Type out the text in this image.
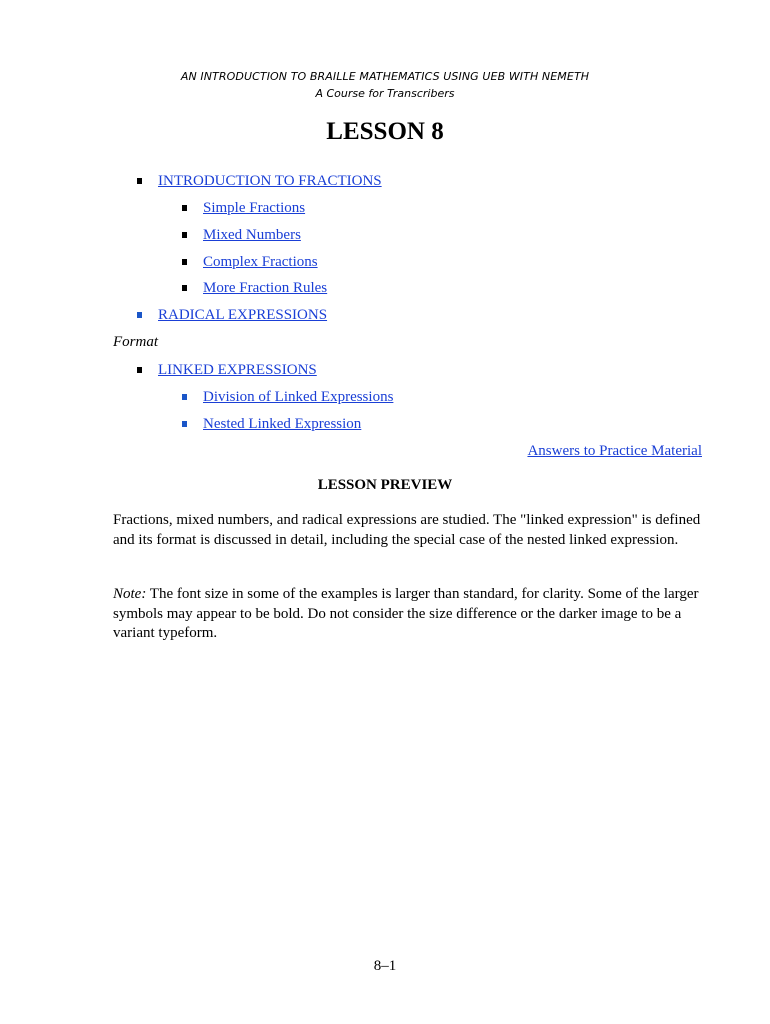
AN INTRODUCTION TO BRAILLE MATHEMATICS USING UEB WITH NEMETH
A Course for Transcribers
LESSON 8
INTRODUCTION TO FRACTIONS
Simple Fractions
Mixed Numbers
Complex Fractions
More Fraction Rules
RADICAL EXPRESSIONS
Format
LINKED EXPRESSIONS
Division of Linked Expressions
Nested Linked Expression
Answers to Practice Material
LESSON PREVIEW
Fractions, mixed numbers, and radical expressions are studied. The "linked expression" is defined and its format is discussed in detail, including the special case of the nested linked expression.
Note: The font size in some of the examples is larger than standard, for clarity. Some of the larger symbols may appear to be bold. Do not consider the size difference or the darker image to be a variant typeform.
8–1
